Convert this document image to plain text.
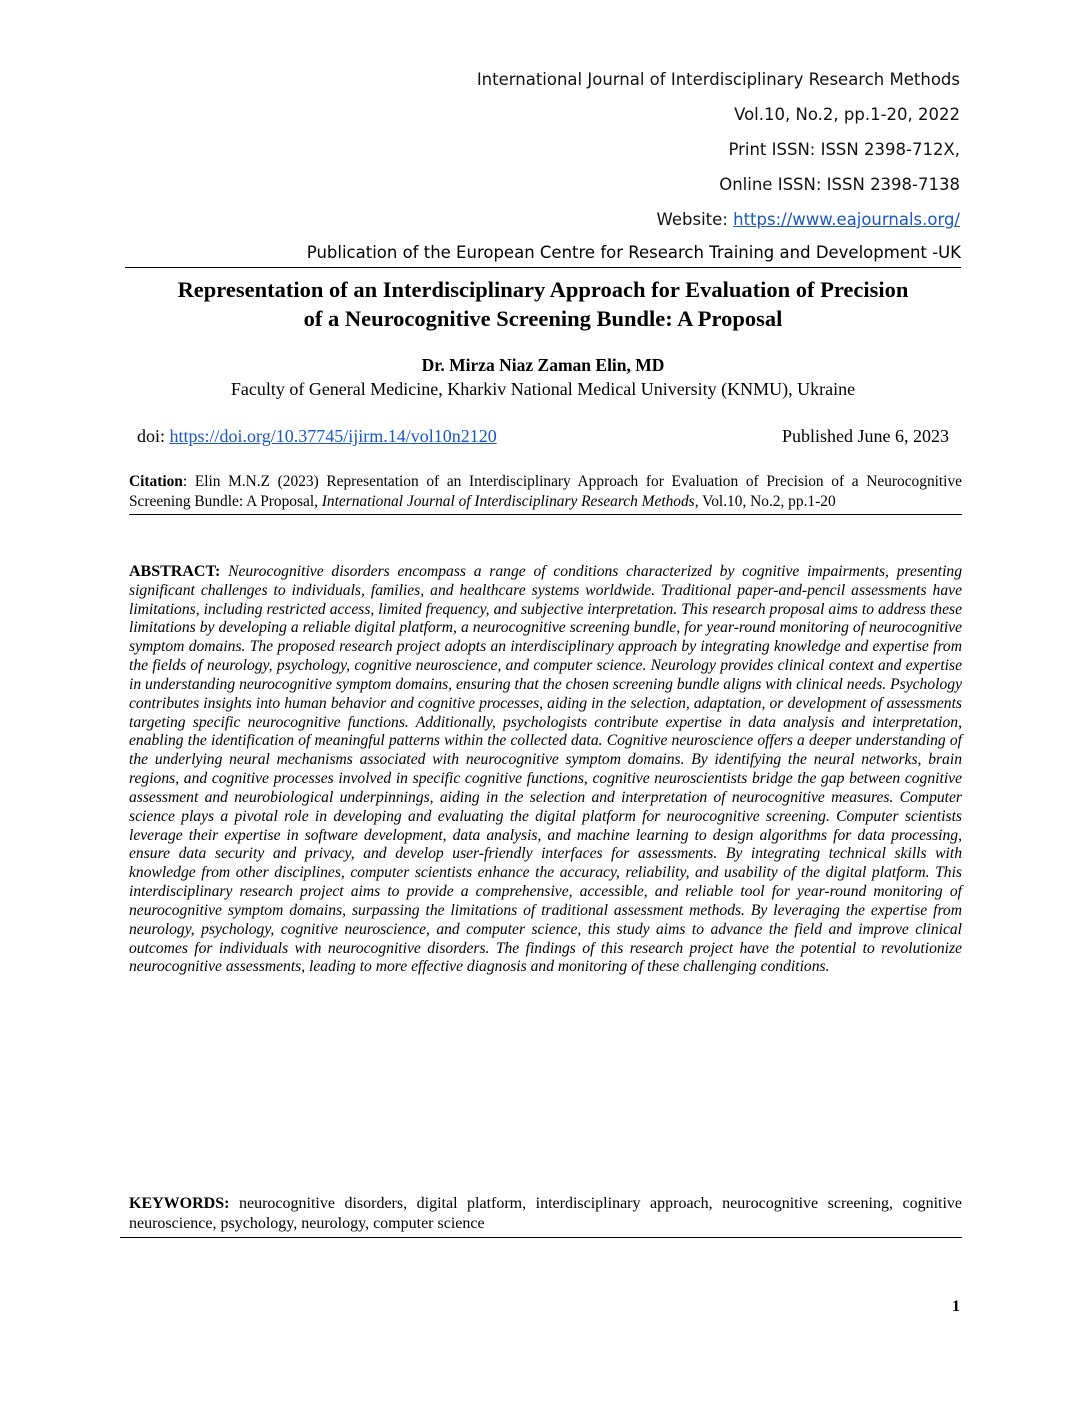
International Journal of Interdisciplinary Research Methods
Vol.10, No.2, pp.1-20, 2022
Print ISSN: ISSN 2398-712X,
Online ISSN: ISSN 2398-7138
Website: https://www.eajournals.org/
Publication of the European Centre for Research Training and Development -UK
Representation of an Interdisciplinary Approach for Evaluation of Precision
of a Neurocognitive Screening Bundle: A Proposal
Dr. Mirza Niaz Zaman Elin, MD
Faculty of General Medicine, Kharkiv National Medical University (KNMU), Ukraine
doi: https://doi.org/10.37745/ijirm.14/vol10n2120	Published June 6, 2023
Citation: Elin M.N.Z (2023) Representation of an Interdisciplinary Approach for Evaluation of Precision of a Neurocognitive Screening Bundle: A Proposal, International Journal of Interdisciplinary Research Methods, Vol.10, No.2, pp.1-20
ABSTRACT: Neurocognitive disorders encompass a range of conditions characterized by cognitive impairments, presenting significant challenges to individuals, families, and healthcare systems worldwide. Traditional paper-and-pencil assessments have limitations, including restricted access, limited frequency, and subjective interpretation. This research proposal aims to address these limitations by developing a reliable digital platform, a neurocognitive screening bundle, for year-round monitoring of neurocognitive symptom domains. The proposed research project adopts an interdisciplinary approach by integrating knowledge and expertise from the fields of neurology, psychology, cognitive neuroscience, and computer science. Neurology provides clinical context and expertise in understanding neurocognitive symptom domains, ensuring that the chosen screening bundle aligns with clinical needs. Psychology contributes insights into human behavior and cognitive processes, aiding in the selection, adaptation, or development of assessments targeting specific neurocognitive functions. Additionally, psychologists contribute expertise in data analysis and interpretation, enabling the identification of meaningful patterns within the collected data. Cognitive neuroscience offers a deeper understanding of the underlying neural mechanisms associated with neurocognitive symptom domains. By identifying the neural networks, brain regions, and cognitive processes involved in specific cognitive functions, cognitive neuroscientists bridge the gap between cognitive assessment and neurobiological underpinnings, aiding in the selection and interpretation of neurocognitive measures. Computer science plays a pivotal role in developing and evaluating the digital platform for neurocognitive screening. Computer scientists leverage their expertise in software development, data analysis, and machine learning to design algorithms for data processing, ensure data security and privacy, and develop user-friendly interfaces for assessments. By integrating technical skills with knowledge from other disciplines, computer scientists enhance the accuracy, reliability, and usability of the digital platform. This interdisciplinary research project aims to provide a comprehensive, accessible, and reliable tool for year-round monitoring of neurocognitive symptom domains, surpassing the limitations of traditional assessment methods. By leveraging the expertise from neurology, psychology, cognitive neuroscience, and computer science, this study aims to advance the field and improve clinical outcomes for individuals with neurocognitive disorders. The findings of this research project have the potential to revolutionize neurocognitive assessments, leading to more effective diagnosis and monitoring of these challenging conditions.
KEYWORDS: neurocognitive disorders, digital platform, interdisciplinary approach, neurocognitive screening, cognitive neuroscience, psychology, neurology, computer science
1
